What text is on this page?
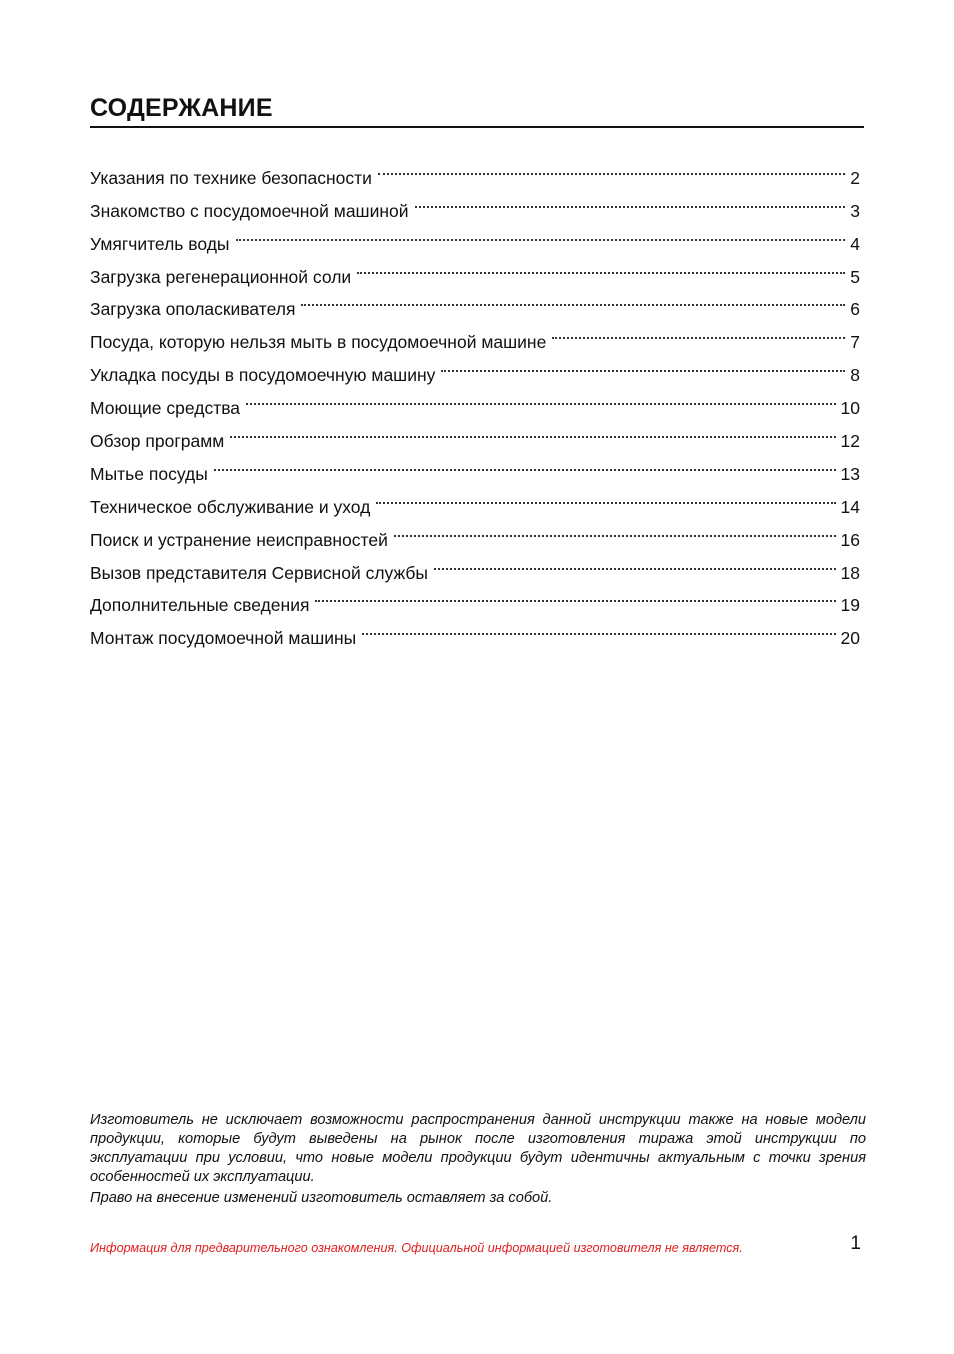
СОДЕРЖАНИЕ
Указания по технике безопасности	2
Знакомство с посудомоечной машиной	3
Умягчитель воды	4
Загрузка регенерационной соли	5
Загрузка ополаскивателя	6
Посуда, которую нельзя мыть в посудомоечной машине	7
Укладка посуды в посудомоечную машину	8
Моющие средства	10
Обзор программ	12
Мытье посуды	13
Техническое обслуживание и уход	14
Поиск и устранение неисправностей	16
Вызов представителя Сервисной службы	18
Дополнительные сведения	19
Монтаж посудомоечной машины	20

Изготовитель не исключает возможности распространения данной инструкции также на новые модели продукции, которые будут выведены на рынок после изготовления тиража этой инструкции по эксплуатации при условии, что новые модели продукции будут идентичны актуальным с точки зрения особенностей их эксплуатации.

Право на внесение изменений изготовитель оставляет за собой.

Информация для предварительного ознакомления. Официальной информацией изготовителя не является.	1
